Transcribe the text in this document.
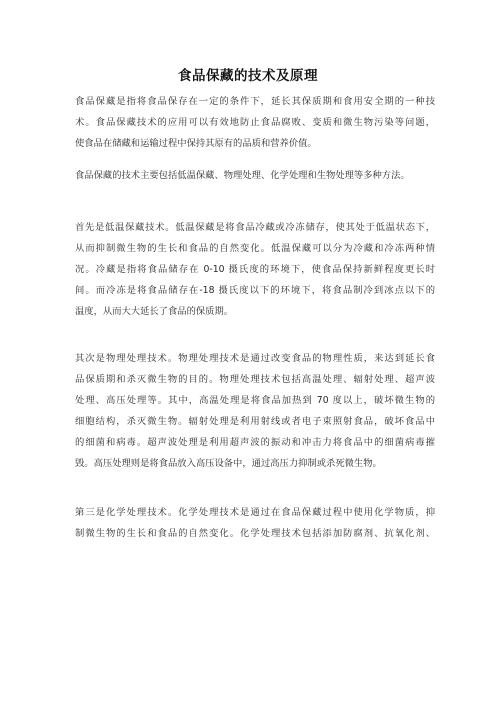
食品保藏的技术及原理
食品保藏是指将食品保存在一定的条件下，延长其保质期和食用安全期的一种技
术。食品保藏技术的应用可以有效地防止食品腐败、变质和微生物污染等问题，
使食品在储藏和运输过程中保持其原有的品质和营养价值。
食品保藏的技术主要包括低温保藏、物理处理、化学处理和生物处理等多种方法。
首先是低温保藏技术。低温保藏是将食品冷藏或冷冻储存，使其处于低温状态下，
从而抑制微生物的生长和食品的自然变化。低温保藏可以分为冷藏和冷冻两种情
况。冷藏是指将食品储存在 0-10 摄氏度的环境下，使食品保持新鲜程度更长时
间。而冷冻是将食品储存在-18 摄氏度以下的环境下，将食品制冷到冰点以下的
温度，从而大大延长了食品的保质期。
其次是物理处理技术。物理处理技术是通过改变食品的物理性质，来达到延长食
品保质期和杀灭微生物的目的。物理处理技术包括高温处理、辐射处理、超声波
处理、高压处理等。其中，高温处理是将食品加热到 70 度以上，破坏微生物的
细胞结构，杀灭微生物。辐射处理是利用射线或者电子束照射食品，破坏食品中
的细菌和病毒。超声波处理是利用超声波的振动和冲击力将食品中的细菌病毒摧
毁。高压处理则是将食品放入高压设备中，通过高压力抑制或杀死微生物。
第三是化学处理技术。化学处理技术是通过在食品保藏过程中使用化学物质，抑
制微生物的生长和食品的自然变化。化学处理技术包括添加防腐剂、抗氧化剂、
